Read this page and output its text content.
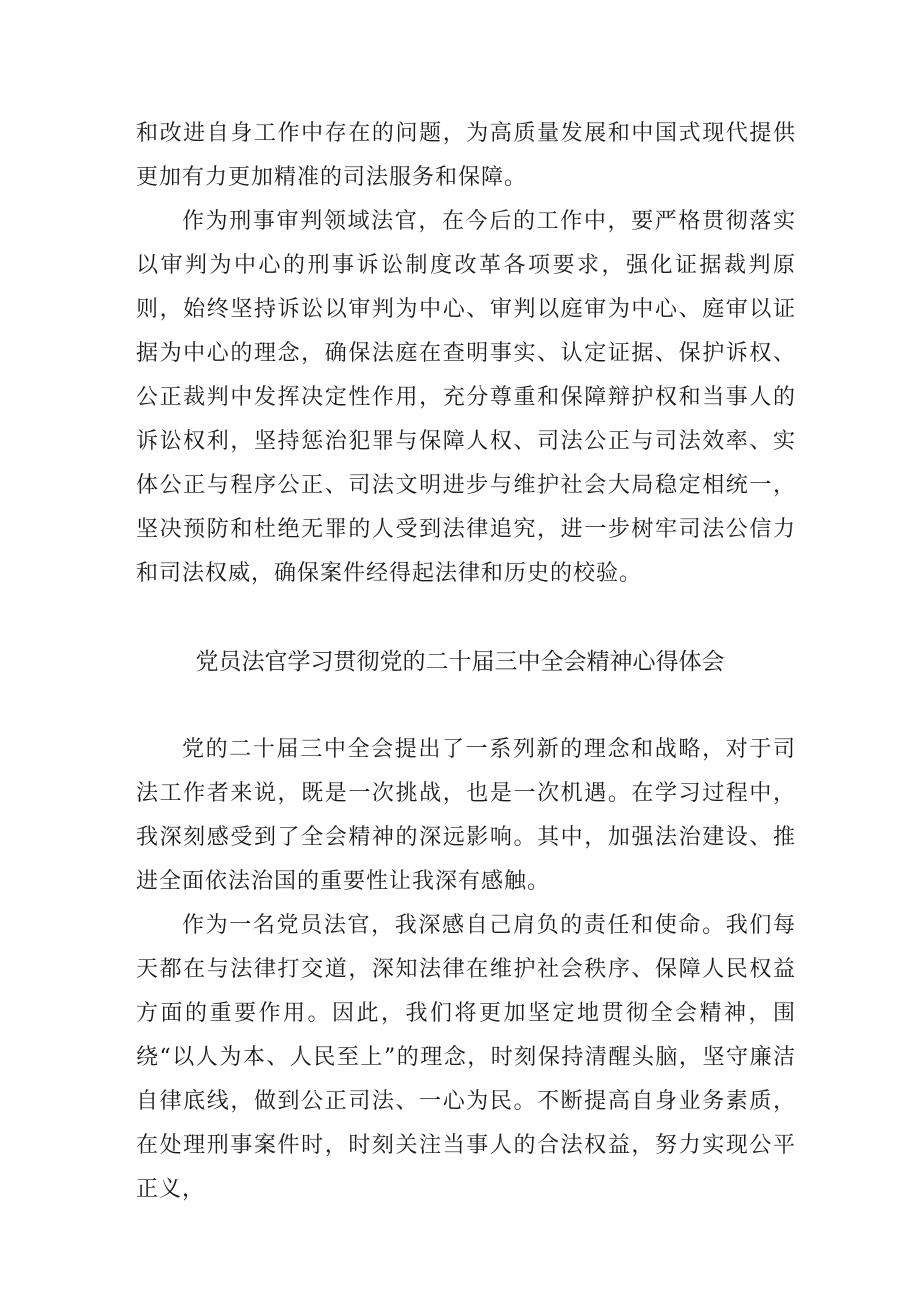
和改进自身工作中存在的问题，为高质量发展和中国式现代提供更加有力更加精准的司法服务和保障。

作为刑事审判领域法官，在今后的工作中，要严格贯彻落实以审判为中心的刑事诉讼制度改革各项要求，强化证据裁判原则，始终坚持诉讼以审判为中心、审判以庭审为中心、庭审以证据为中心的理念，确保法庭在查明事实、认定证据、保护诉权、公正裁判中发挥决定性作用，充分尊重和保障辩护权和当事人的诉讼权利，坚持惩治犯罪与保障人权、司法公正与司法效率、实体公正与程序公正、司法文明进步与维护社会大局稳定相统一，坚决预防和杜绝无罪的人受到法律追究，进一步树牢司法公信力和司法权威，确保案件经得起法律和历史的校验。

党员法官学习贯彻党的二十届三中全会精神心得体会

党的二十届三中全会提出了一系列新的理念和战略，对于司法工作者来说，既是一次挑战，也是一次机遇。在学习过程中，我深刻感受到了全会精神的深远影响。其中，加强法治建设、推进全面依法治国的重要性让我深有感触。

作为一名党员法官，我深感自己肩负的责任和使命。我们每天都在与法律打交道，深知法律在维护社会秩序、保障人民权益方面的重要作用。因此，我们将更加坚定地贯彻全会精神，围绕“以人为本、人民至上”的理念，时刻保持清醒头脑，坚守廉洁自律底线，做到公正司法、一心为民。不断提高自身业务素质，在处理刑事案件时，时刻关注当事人的合法权益，努力实现公平正义，
